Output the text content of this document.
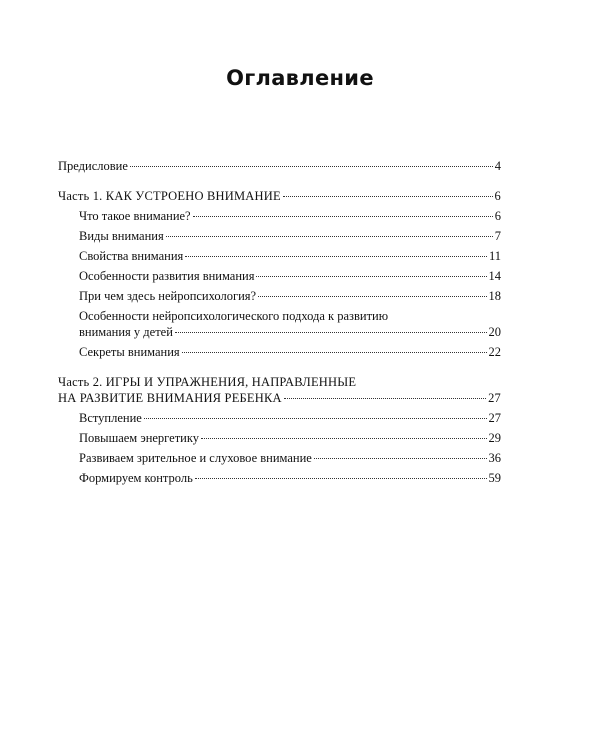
Оглавление
Предисловие	4
Часть 1. КАК УСТРОЕНО ВНИМАНИЕ	6
Что такое внимание?	6
Виды внимания	7
Свойства внимания	11
Особенности развития внимания	14
При чем здесь нейропсихология?	18
Особенности нейропсихологического подхода к развитию
внимания у детей	20
Секреты внимания	22
Часть 2. ИГРЫ И УПРАЖНЕНИЯ, НАПРАВЛЕННЫЕ
НА РАЗВИТИЕ ВНИМАНИЯ РЕБЕНКА	27
Вступление	27
Повышаем энергетику	29
Развиваем зрительное и слуховое внимание	36
Формируем контроль	59
